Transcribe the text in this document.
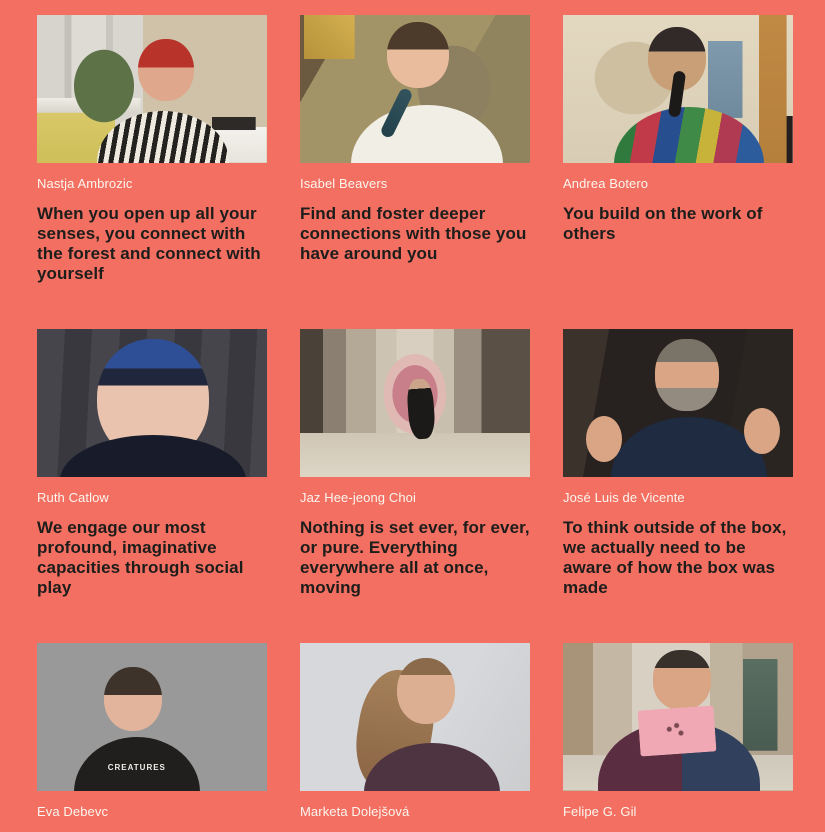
Nastja Ambrozic
When you open up all your senses, you connect with the forest and connect with yourself
Isabel Beavers
Find and foster deeper connections with those you have around you
Andrea Botero
You build on the work of others
Ruth Catlow
We engage our most profound, imaginative capacities through social play
Jaz Hee-jeong Choi
Nothing is set ever, for ever, or pure. Everything everywhere all at once, moving
José Luis de Vicente
To think outside of the box, we actually need to be aware of how the box was made
CREATURES
Eva Debevc	Marketa Dolejšová	Felipe G. Gil
